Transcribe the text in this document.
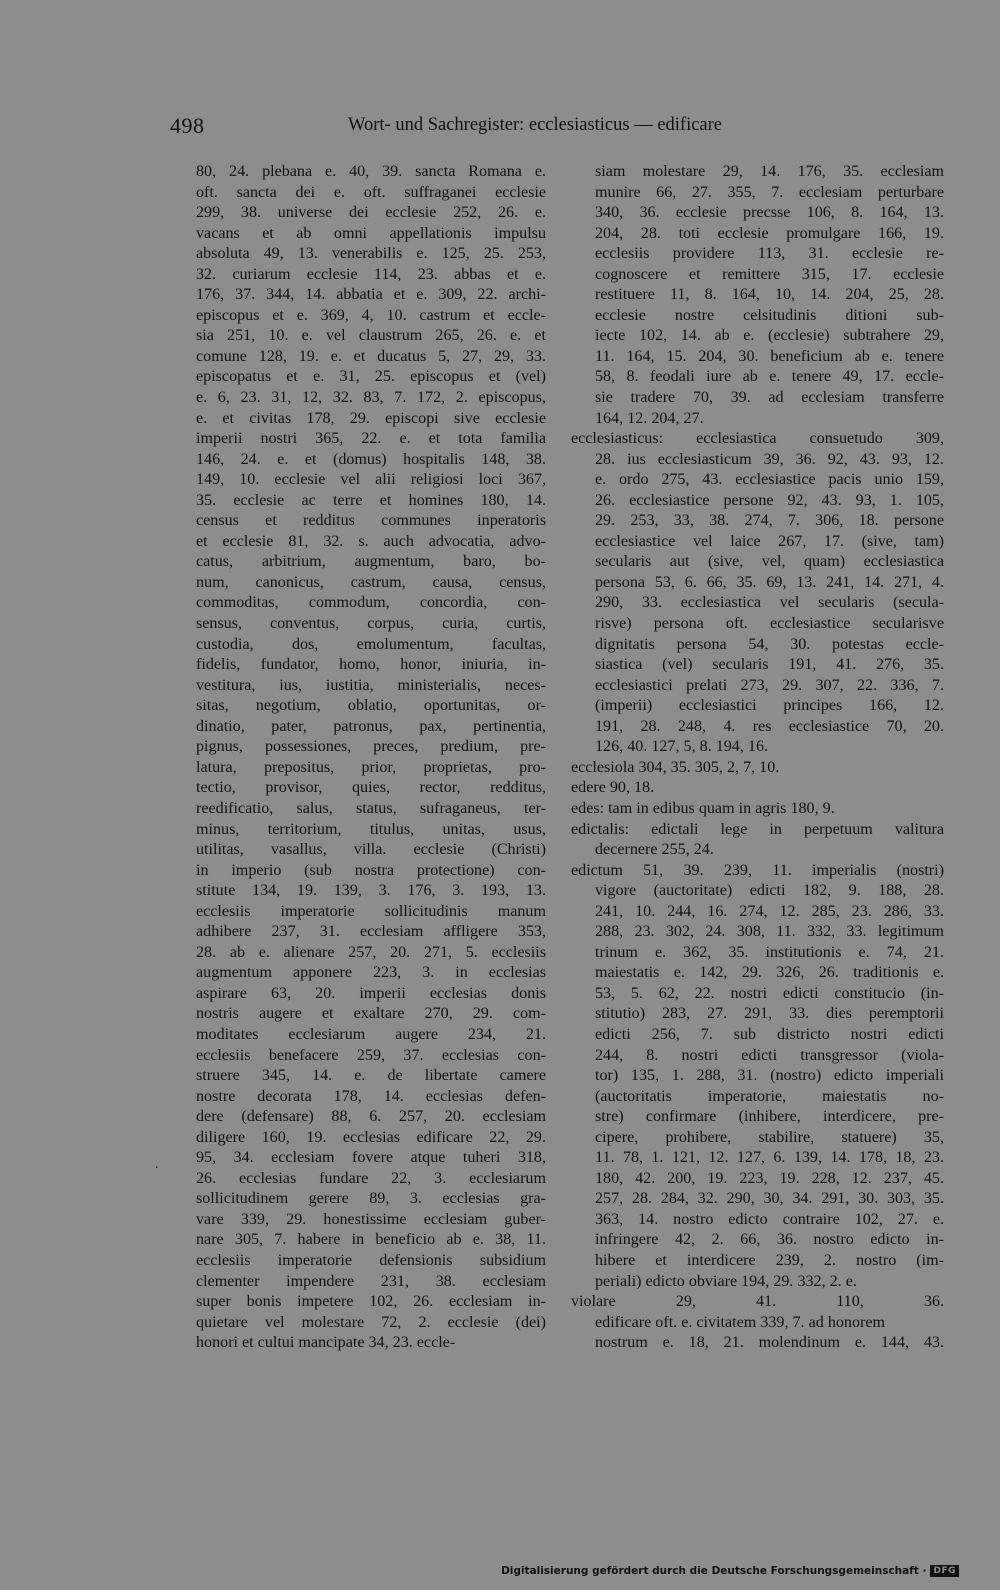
498	Wort- und Sachregister: ecclesiasticus — edificare
.
80, 24. plebana e. 40, 39. sancta Romana e.
oft. sancta dei e. oft. suffraganei ecclesie
299, 38. universe dei ecclesie 252, 26. e.
vacans et ab omni appellationis impulsu
absoluta 49, 13. venerabilis e. 125, 25. 253,
32. curiarum ecclesie 114, 23. abbas et e.
176, 37. 344, 14. abbatia et e. 309, 22. archi-
episcopus et e. 369, 4, 10. castrum et eccle-
sia 251, 10. e. vel claustrum 265, 26. e. et
comune 128, 19. e. et ducatus 5, 27, 29, 33.
episcopatus et e. 31, 25. episcopus et (vel)
e. 6, 23. 31, 12, 32. 83, 7. 172, 2. episcopus,
e. et civitas 178, 29. episcopi sive ecclesie
imperii nostri 365, 22. e. et tota familia
146, 24. e. et (domus) hospitalis 148, 38.
149, 10. ecclesie vel alii religiosi loci 367,
35. ecclesie ac terre et homines 180, 14.
census et redditus communes inperatoris
et ecclesie 81, 32. s. auch advocatia, advo-
catus, arbitrium, augmentum, baro, bo-
num, canonicus, castrum, causa, census,
commoditas, commodum, concordia, con-
sensus, conventus, corpus, curia, curtis,
custodia, dos, emolumentum, facultas,
fidelis, fundator, homo, honor, iniuria, in-
vestitura, ius, iustitia, ministerialis, neces-
sitas, negotium, oblatio, oportunitas, or-
dinatio, pater, patronus, pax, pertinentia,
pignus, possessiones, preces, predium, pre-
latura, prepositus, prior, proprietas, pro-
tectio, provisor, quies, rector, redditus,
reedificatio, salus, status, sufraganeus, ter-
minus, territorium, titulus, unitas, usus,
utilitas, vasallus, villa. ecclesie (Christi)
in imperio (sub nostra protectione) con-
stitute 134, 19. 139, 3. 176, 3. 193, 13.
ecclesiis imperatorie sollicitudinis manum
adhibere 237, 31. ecclesiam affligere 353,
28. ab e. alienare 257, 20. 271, 5. ecclesiis
augmentum apponere 223, 3. in ecclesias
aspirare 63, 20. imperii ecclesias donis
nostris augere et exaltare 270, 29. com-
moditates ecclesiarum augere 234, 21.
ecclesiis benefacere 259, 37. ecclesias con-
struere 345, 14. e. de libertate camere
nostre decorata 178, 14. ecclesias defen-
dere (defensare) 88, 6. 257, 20. ecclesiam
diligere 160, 19. ecclesias edificare 22, 29.
95, 34. ecclesiam fovere atque tuheri 318,
26. ecclesias fundare 22, 3. ecclesiarum
sollicitudinem gerere 89, 3. ecclesias gra-
vare 339, 29. honestissime ecclesiam guber-
nare 305, 7. habere in beneficio ab e. 38, 11.
ecclesiis imperatorie defensionis subsidium
clementer impendere 231, 38. ecclesiam
super bonis impetere 102, 26. ecclesiam in-
quietare vel molestare 72, 2. ecclesie (dei)
honori et cultui mancipate 34, 23. eccle-
siam molestare 29, 14. 176, 35. ecclesiam
munire 66, 27. 355, 7. ecclesiam perturbare
340, 36. ecclesie precsse 106, 8. 164, 13.
204, 28. toti ecclesie promulgare 166, 19.
ecclesiis providere 113, 31. ecclesie re-
cognoscere et remittere 315, 17. ecclesie
restituere 11, 8. 164, 10, 14. 204, 25, 28.
ecclesie nostre celsitudinis ditioni sub-
iecte 102, 14. ab e. (ecclesie) subtrahere 29,
11. 164, 15. 204, 30. beneficium ab e. tenere
58, 8. feodali iure ab e. tenere 49, 17. eccle-
sie tradere 70, 39. ad ecclesiam transferre
164, 12. 204, 27.
ecclesiasticus: ecclesiastica consuetudo 309,
28. ius ecclesiasticum 39, 36. 92, 43. 93, 12.
e. ordo 275, 43. ecclesiastice pacis unio 159,
26. ecclesiastice persone 92, 43. 93, 1. 105,
29. 253, 33, 38. 274, 7. 306, 18. persone
ecclesiastice vel laice 267, 17. (sive, tam)
secularis aut (sive, vel, quam) ecclesiastica
persona 53, 6. 66, 35. 69, 13. 241, 14. 271, 4.
290, 33. ecclesiastica vel secularis (secula-
risve) persona oft. ecclesiastice secularisve
dignitatis persona 54, 30. potestas eccle-
siastica (vel) secularis 191, 41. 276, 35.
ecclesiastici prelati 273, 29. 307, 22. 336, 7.
(imperii) ecclesiastici principes 166, 12.
191, 28. 248, 4. res ecclesiastice 70, 20.
126, 40. 127, 5, 8. 194, 16.
ecclesiola 304, 35. 305, 2, 7, 10.
edere 90, 18.
edes: tam in edibus quam in agris 180, 9.
edictalis: edictali lege in perpetuum valitura
decernere 255, 24.
edictum 51, 39. 239, 11. imperialis (nostri)
vigore (auctoritate) edicti 182, 9. 188, 28.
241, 10. 244, 16. 274, 12. 285, 23. 286, 33.
288, 23. 302, 24. 308, 11. 332, 33. legitimum
trinum e. 362, 35. institutionis e. 74, 21.
maiestatis e. 142, 29. 326, 26. traditionis e.
53, 5. 62, 22. nostri edicti constitucio (in-
stitutio) 283, 27. 291, 33. dies peremptorii
edicti 256, 7. sub districto nostri edicti
244, 8. nostri edicti transgressor (viola-
tor) 135, 1. 288, 31. (nostro) edicto imperiali
(auctoritatis imperatorie, maiestatis no-
stre) confirmare (inhibere, interdicere, pre-
cipere, prohibere, stabilire, statuere) 35,
11. 78, 1. 121, 12. 127, 6. 139, 14. 178, 18, 23.
180, 42. 200, 19. 223, 19. 228, 12. 237, 45.
257, 28. 284, 32. 290, 30, 34. 291, 30. 303, 35.
363, 14. nostro edicto contraire 102, 27. e.
infringere 42, 2. 66, 36. nostro edicto in-
hibere et interdicere 239, 2. nostro (im-
periali) edicto obviare 194, 29. 332, 2. e.
violare 29, 41. 110, 36.
edificare oft. e. civitatem 339, 7. ad honorem
nostrum e. 18, 21. molendinum e. 144, 43.
Digitalisierung gefördert durch die Deutsche Forschungsgemeinschaft · DFG
